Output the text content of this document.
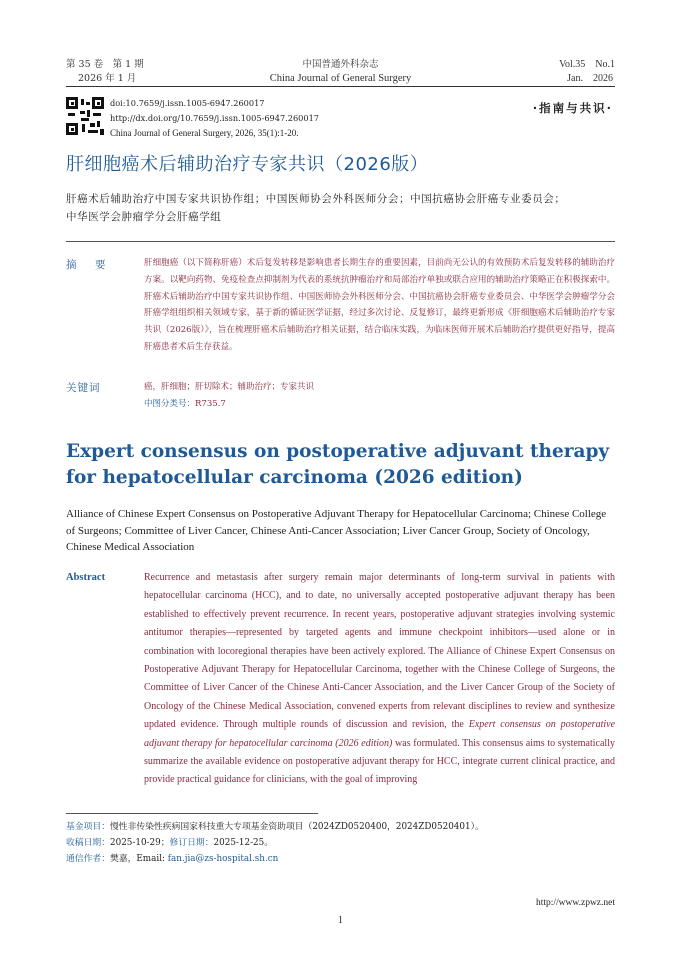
第 35 卷　第 1 期
2026 年 1 月
中国普通外科杂志
China Journal of General Surgery
Vol.35　No.1
Jan.　2026
doi:10.7659/j.issn.1005-6947.260017
http://dx.doi.org/10.7659/j.issn.1005-6947.260017
China Journal of General Surgery, 2026, 35(1):1-20.
·指南与共识·
肝细胞癌术后辅助治疗专家共识（2026版）
肝癌术后辅助治疗中国专家共识协作组；中国医师协会外科医师分会；中国抗癌协会肝癌专业委员会；
中华医学会肿瘤学分会肝癌学组
摘　要	肝细胞癌（以下简称肝癌）术后复发转移是影响患者长期生存的重要因素，目前尚无公认的有效预防术后复发转移的辅助治疗方案。以靶向药物、免疫检查点抑制剂为代表的系统抗肿瘤治疗和局部治疗单独或联合应用的辅助治疗策略正在积极探索中。肝癌术后辅助治疗中国专家共识协作组、中国医师协会外科医师分会、中国抗癌协会肝癌专业委员会、中华医学会肿瘤学分会肝癌学组组织相关领域专家，基于新的循证医学证据，经过多次讨论、反复修订，最终更新形成《肝细胞癌术后辅助治疗专家共识（2026版）》，旨在梳理肝癌术后辅助治疗相关证据，结合临床实践，为临床医师开展术后辅助治疗提供更好指导，提高肝癌患者术后生存获益。
关键词	癌，肝细胞；肝切除术；辅助治疗；专家共识
中图分类号：R735.7
Expert consensus on postoperative adjuvant therapy for hepatocellular carcinoma (2026 edition)
Alliance of Chinese Expert Consensus on Postoperative Adjuvant Therapy for Hepatocellular Carcinoma; Chinese College of Surgeons; Committee of Liver Cancer, Chinese Anti-Cancer Association; Liver Cancer Group, Society of Oncology, Chinese Medical Association
Abstract	Recurrence and metastasis after surgery remain major determinants of long-term survival in patients with hepatocellular carcinoma (HCC), and to date, no universally accepted postoperative adjuvant therapy has been established to effectively prevent recurrence. In recent years, postoperative adjuvant strategies involving systemic antitumor therapies—represented by targeted agents and immune checkpoint inhibitors—used alone or in combination with locoregional therapies have been actively explored. The Alliance of Chinese Expert Consensus on Postoperative Adjuvant Therapy for Hepatocellular Carcinoma, together with the Chinese College of Surgeons, the Committee of Liver Cancer of the Chinese Anti-Cancer Association, and the Liver Cancer Group of the Society of Oncology of the Chinese Medical Association, convened experts from relevant disciplines to review and synthesize updated evidence. Through multiple rounds of discussion and revision, the Expert consensus on postoperative adjuvant therapy for hepatocellular carcinoma (2026 edition) was formulated. This consensus aims to systematically summarize the available evidence on postoperative adjuvant therapy for HCC, integrate current clinical practice, and provide practical guidance for clinicians, with the goal of improving
基金项目：慢性非传染性疾病国家科技重大专项基金资助项目（2024ZD0520400，2024ZD0520401）。
收稿日期：2025-10-29；修订日期：2025-12-25。
通信作者：樊嘉，Email: fan.jia@zs-hospital.sh.cn
1
http://www.zpwz.net
